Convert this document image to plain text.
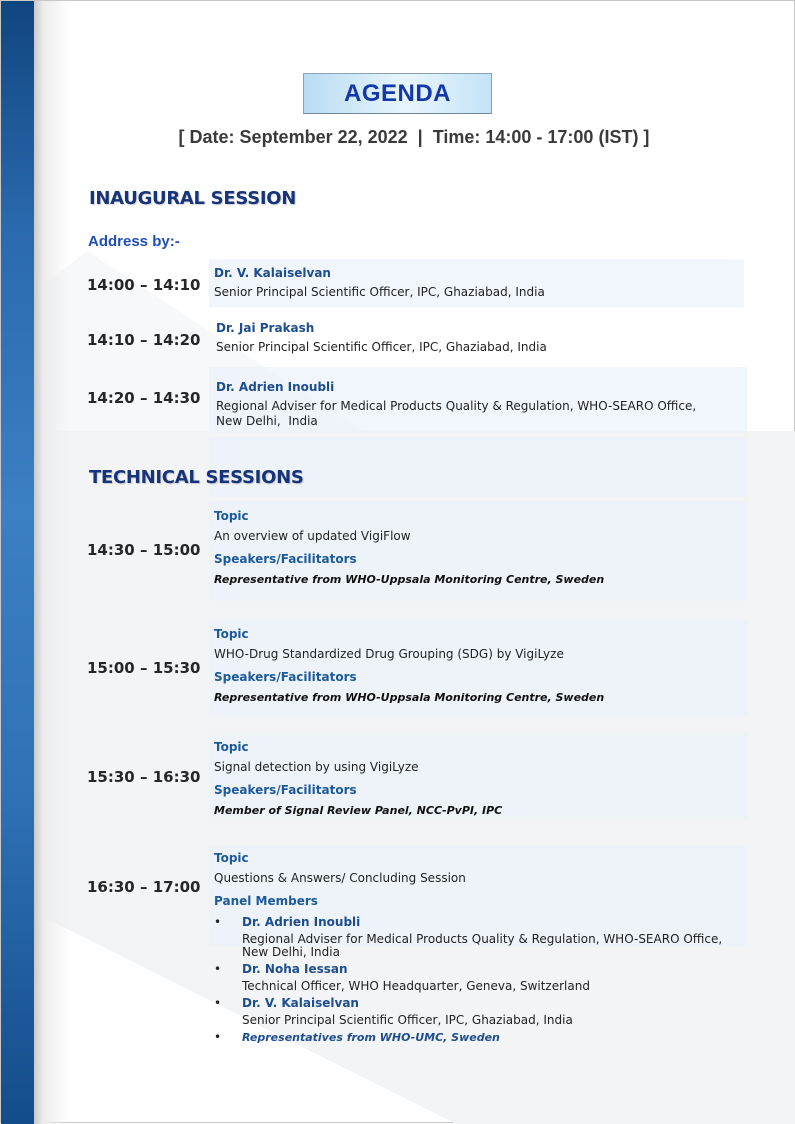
AGENDA
[ Date: September 22, 2022  |  Time: 14:00 - 17:00 (IST) ]
INAUGURAL SESSION
Address by:-
14:00 – 14:10
Dr. V. Kalaiselvan
Senior Principal Scientific Officer, IPC, Ghaziabad, India
14:10 – 14:20
Dr. Jai Prakash
Senior Principal Scientific Officer, IPC, Ghaziabad, India
14:20 – 14:30
Dr. Adrien Inoubli
Regional Adviser for Medical Products Quality & Regulation, WHO-SEARO Office,
New Delhi,  India
TECHNICAL SESSIONS
14:30 – 15:00
Topic
An overview of updated VigiFlow
Speakers/Facilitators
Representative from WHO-Uppsala Monitoring Centre, Sweden
15:00 – 15:30
Topic
WHO-Drug Standardized Drug Grouping (SDG) by VigiLyze
Speakers/Facilitators
Representative from WHO-Uppsala Monitoring Centre, Sweden
15:30 – 16:30
Topic
Signal detection by using VigiLyze
Speakers/Facilitators
Member of Signal Review Panel, NCC-PvPI, IPC
16:30 – 17:00
Topic
Questions & Answers/ Concluding Session
Panel Members
• Dr. Adrien Inoubli
Regional Adviser for Medical Products Quality & Regulation, WHO-SEARO Office,
New Delhi, India
• Dr. Noha Iessan
Technical Officer, WHO Headquarter, Geneva, Switzerland
• Dr. V. Kalaiselvan
Senior Principal Scientific Officer, IPC, Ghaziabad, India
• Representatives from WHO-UMC, Sweden
